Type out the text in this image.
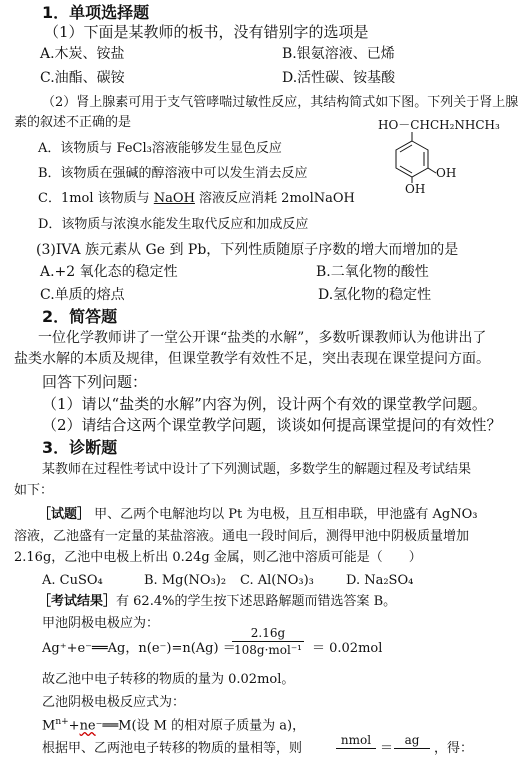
1．单项选择题
（1）下面是某教师的板书，没有错别字的选项是
A.木炭、铵盐	B.银氨溶液、已烯
C.油酯、碳铵	D.活性碳、铵基酸
（2）肾上腺素可用于支气管哮喘过敏性反应，其结构简式如下图。下列关于肾上腺
素的叙述不正确的是	HO－CHCH₂NHCH₃
OH
OH
A．该物质与 FeCl₃溶液能够发生显色反应
B．该物质在强碱的醇溶液中可以发生消去反应
C．1mol 该物质与 NaOH 溶液反应消耗 2molNaOH
D．该物质与浓溴水能发生取代反应和加成反应
(3)IVA 族元素从 Ge 到 Pb，下列性质随原子序数的增大而增加的是
A.+2 氧化态的稳定性	B.二氧化物的酸性
C.单质的熔点	D.氢化物的稳定性
2．简答题
一位化学教师讲了一堂公开课“盐类的水解”，多数听课教师认为他讲出了
盐类水解的本质及规律，但课堂教学有效性不足，突出表现在课堂提问方面。
回答下列问题：
（1）请以“盐类的水解”内容为例，设计两个有效的课堂教学问题。
（2）请结合这两个课堂教学问题，谈谈如何提高课堂提问的有效性？
3．诊断题
某教师在过程性考试中设计了下列测试题，多数学生的解题过程及考试结果
如下：
［试题］ 甲、乙两个电解池均以 Pt 为电极，且互相串联，甲池盛有 AgNO₃
溶液，乙池盛有一定量的某盐溶液。通电一段时间后，测得甲池中阴极质量增加
2.16g，乙池中电极上析出 0.24g 金属，则乙池中溶质可能是（　　）
A. CuSO₄	B. Mg(NO₃)₂ C. Al(NO₃)₃ D. Na₂SO₄
［考试结果］有 62.4%的学生按下述思路解题而错选答案 B。
甲池阴极电极应为：
Ag⁺+e⁻══Ag，n(e⁻)=n(Ag) ＝
2.16g
108g·mol⁻¹ ＝ 0.02mol
故乙池中电子转移的物质的量为 0.02mol。
乙池阴极电极反应式为：
$M^{n+}+ne^-══M$(设 M 的相对原子质量为 a)，
根据甲、乙两池电子转移的物质的量相等，则
nmol
＝
ag
，得：
